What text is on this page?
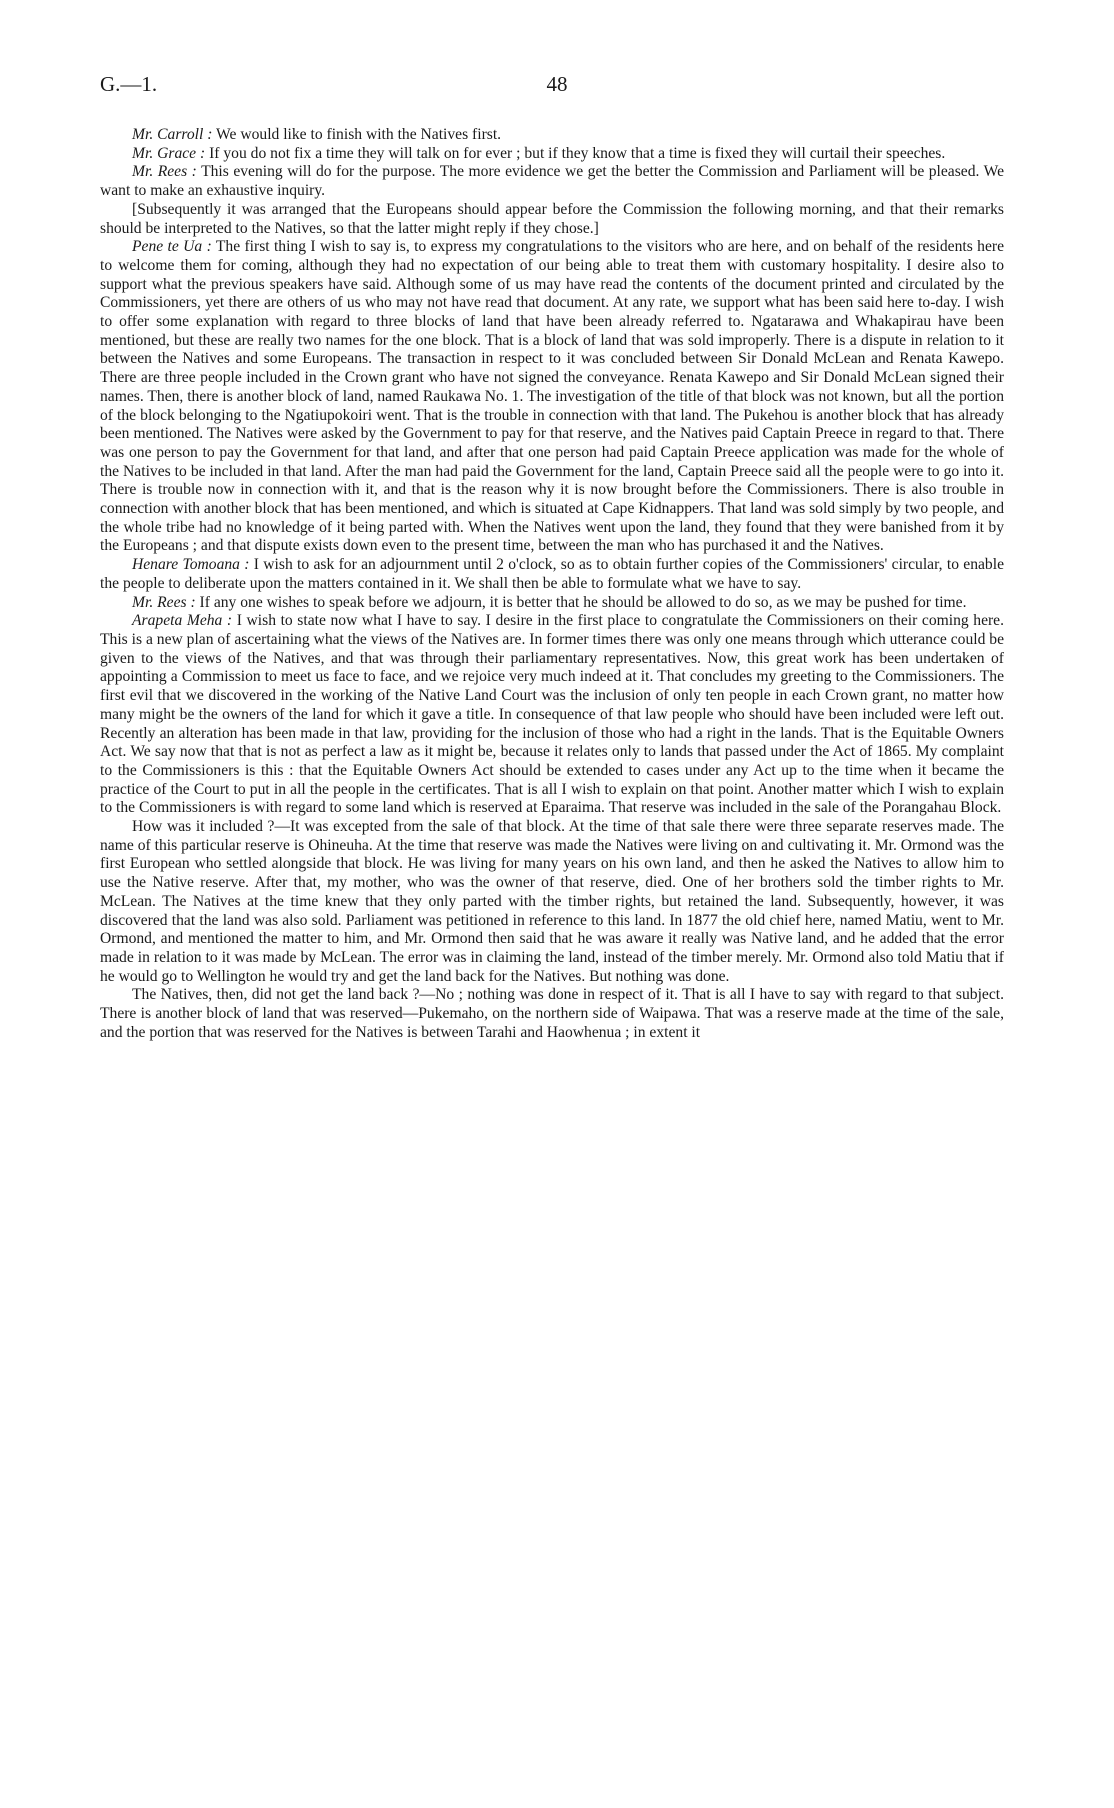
G.—1.	48

Mr. Carroll : We would like to finish with the Natives first.

Mr. Grace : If you do not fix a time they will talk on for ever ; but if they know that a time is fixed they will curtail their speeches.

Mr. Rees : This evening will do for the purpose. The more evidence we get the better the Commission and Parliament will be pleased. We want to make an exhaustive inquiry.

[Subsequently it was arranged that the Europeans should appear before the Commission the following morning, and that their remarks should be interpreted to the Natives, so that the latter might reply if they chose.]

Pene te Ua : The first thing I wish to say is, to express my congratulations to the visitors who are here, and on behalf of the residents here to welcome them for coming, although they had no expectation of our being able to treat them with customary hospitality. I desire also to support what the previous speakers have said. Although some of us may have read the contents of the document printed and circulated by the Commissioners, yet there are others of us who may not have read that document. At any rate, we support what has been said here to-day. I wish to offer some explanation with regard to three blocks of land that have been already referred to. Ngatarawa and Whakapirau have been mentioned, but these are really two names for the one block. That is a block of land that was sold improperly. There is a dispute in relation to it between the Natives and some Europeans. The transaction in respect to it was concluded between Sir Donald McLean and Renata Kawepo. There are three people included in the Crown grant who have not signed the conveyance. Renata Kawepo and Sir Donald McLean signed their names. Then, there is another block of land, named Raukawa No. 1. The investigation of the title of that block was not known, but all the portion of the block belonging to the Ngatiupokoiri went. That is the trouble in connection with that land. The Pukehou is another block that has already been mentioned. The Natives were asked by the Government to pay for that reserve, and the Natives paid Captain Preece in regard to that. There was one person to pay the Government for that land, and after that one person had paid Captain Preece application was made for the whole of the Natives to be included in that land. After the man had paid the Government for the land, Captain Preece said all the people were to go into it. There is trouble now in connection with it, and that is the reason why it is now brought before the Commissioners. There is also trouble in connection with another block that has been mentioned, and which is situated at Cape Kidnappers. That land was sold simply by two people, and the whole tribe had no knowledge of it being parted with. When the Natives went upon the land, they found that they were banished from it by the Europeans ; and that dispute exists down even to the present time, between the man who has purchased it and the Natives.

Henare Tomoana : I wish to ask for an adjournment until 2 o'clock, so as to obtain further copies of the Commissioners' circular, to enable the people to deliberate upon the matters contained in it. We shall then be able to formulate what we have to say.

Mr. Rees : If any one wishes to speak before we adjourn, it is better that he should be allowed to do so, as we may be pushed for time.

Arapeta Meha : I wish to state now what I have to say. I desire in the first place to congratulate the Commissioners on their coming here. This is a new plan of ascertaining what the views of the Natives are. In former times there was only one means through which utterance could be given to the views of the Natives, and that was through their parliamentary representatives. Now, this great work has been undertaken of appointing a Commission to meet us face to face, and we rejoice very much indeed at it. That concludes my greeting to the Commissioners. The first evil that we discovered in the working of the Native Land Court was the inclusion of only ten people in each Crown grant, no matter how many might be the owners of the land for which it gave a title. In consequence of that law people who should have been included were left out. Recently an alteration has been made in that law, providing for the inclusion of those who had a right in the lands. That is the Equitable Owners Act. We say now that that is not as perfect a law as it might be, because it relates only to lands that passed under the Act of 1865. My complaint to the Commissioners is this : that the Equitable Owners Act should be extended to cases under any Act up to the time when it became the practice of the Court to put in all the people in the certificates. That is all I wish to explain on that point. Another matter which I wish to explain to the Commissioners is with regard to some land which is reserved at Eparaima. That reserve was included in the sale of the Porangahau Block.

How was it included ?—It was excepted from the sale of that block. At the time of that sale there were three separate reserves made. The name of this particular reserve is Ohineuha. At the time that reserve was made the Natives were living on and cultivating it. Mr. Ormond was the first European who settled alongside that block. He was living for many years on his own land, and then he asked the Natives to allow him to use the Native reserve. After that, my mother, who was the owner of that reserve, died. One of her brothers sold the timber rights to Mr. McLean. The Natives at the time knew that they only parted with the timber rights, but retained the land. Subsequently, however, it was discovered that the land was also sold. Parliament was petitioned in reference to this land. In 1877 the old chief here, named Matiu, went to Mr. Ormond, and mentioned the matter to him, and Mr. Ormond then said that he was aware it really was Native land, and he added that the error made in relation to it was made by McLean. The error was in claiming the land, instead of the timber merely. Mr. Ormond also told Matiu that if he would go to Wellington he would try and get the land back for the Natives. But nothing was done.

The Natives, then, did not get the land back ?—No ; nothing was done in respect of it. That is all I have to say with regard to that subject. There is another block of land that was reserved—Pukemaho, on the northern side of Waipawa. That was a reserve made at the time of the sale, and the portion that was reserved for the Natives is between Tarahi and Haowhenua ; in extent it
